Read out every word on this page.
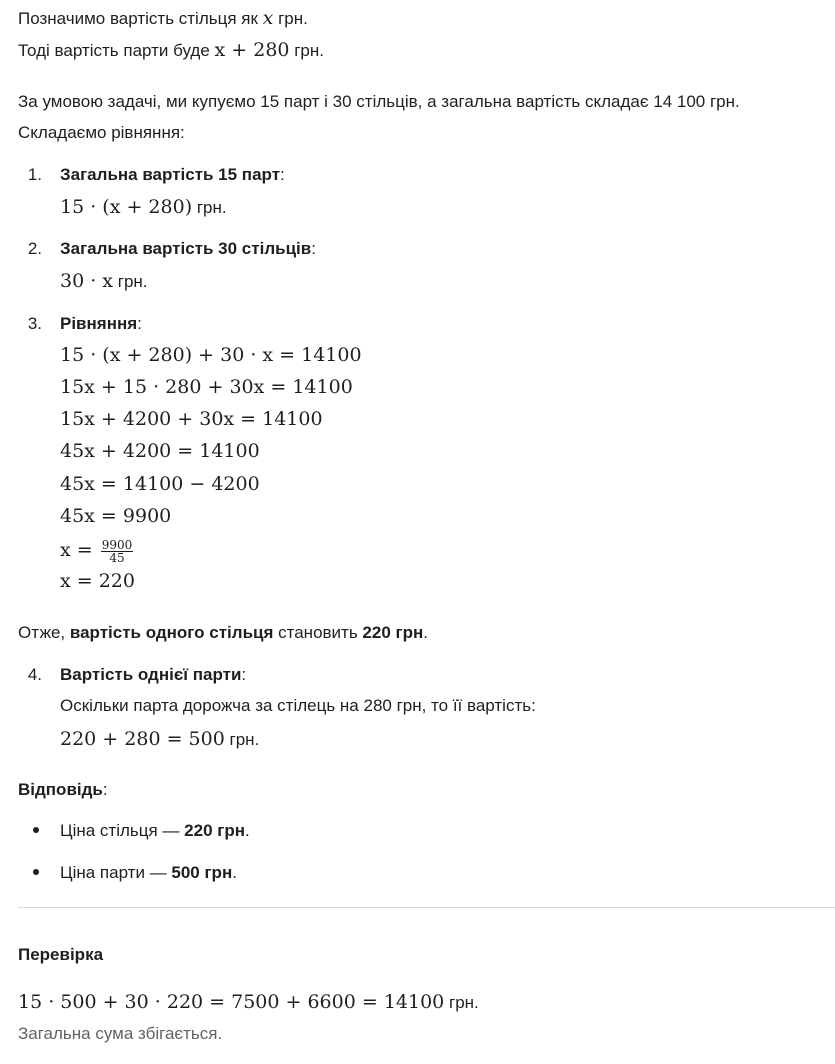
Позначимо вартість стільця як x грн.
Тоді вартість парти буде x + 280 грн.
За умовою задачі, ми купуємо 15 парт і 30 стільців, а загальна вартість складає 14 100 грн.
Складаємо рівняння:
1. Загальна вартість 15 парт:
15 · (x + 280) грн.
2. Загальна вартість 30 стільців:
30 · x грн.
3. Рівняння:
15 · (x + 280) + 30 · x = 14100
15x + 15 · 280 + 30x = 14100
15x + 4200 + 30x = 14100
45x + 4200 = 14100
45x = 14100 − 4200
45x = 9900
$x = \frac{9900}{45}$
x = 220
Отже, вартість одного стільця становить 220 грн.
4. Вартість однієї парти:
Оскільки парта дорожча за стілець на 280 грн, то її вартість:
220 + 280 = 500 грн.
Відповідь:
Ціна стільця — 220 грн.
Ціна парти — 500 грн.
Перевірка
15 · 500 + 30 · 220 = 7500 + 6600 = 14100 грн.
Загальна сума збігається.
